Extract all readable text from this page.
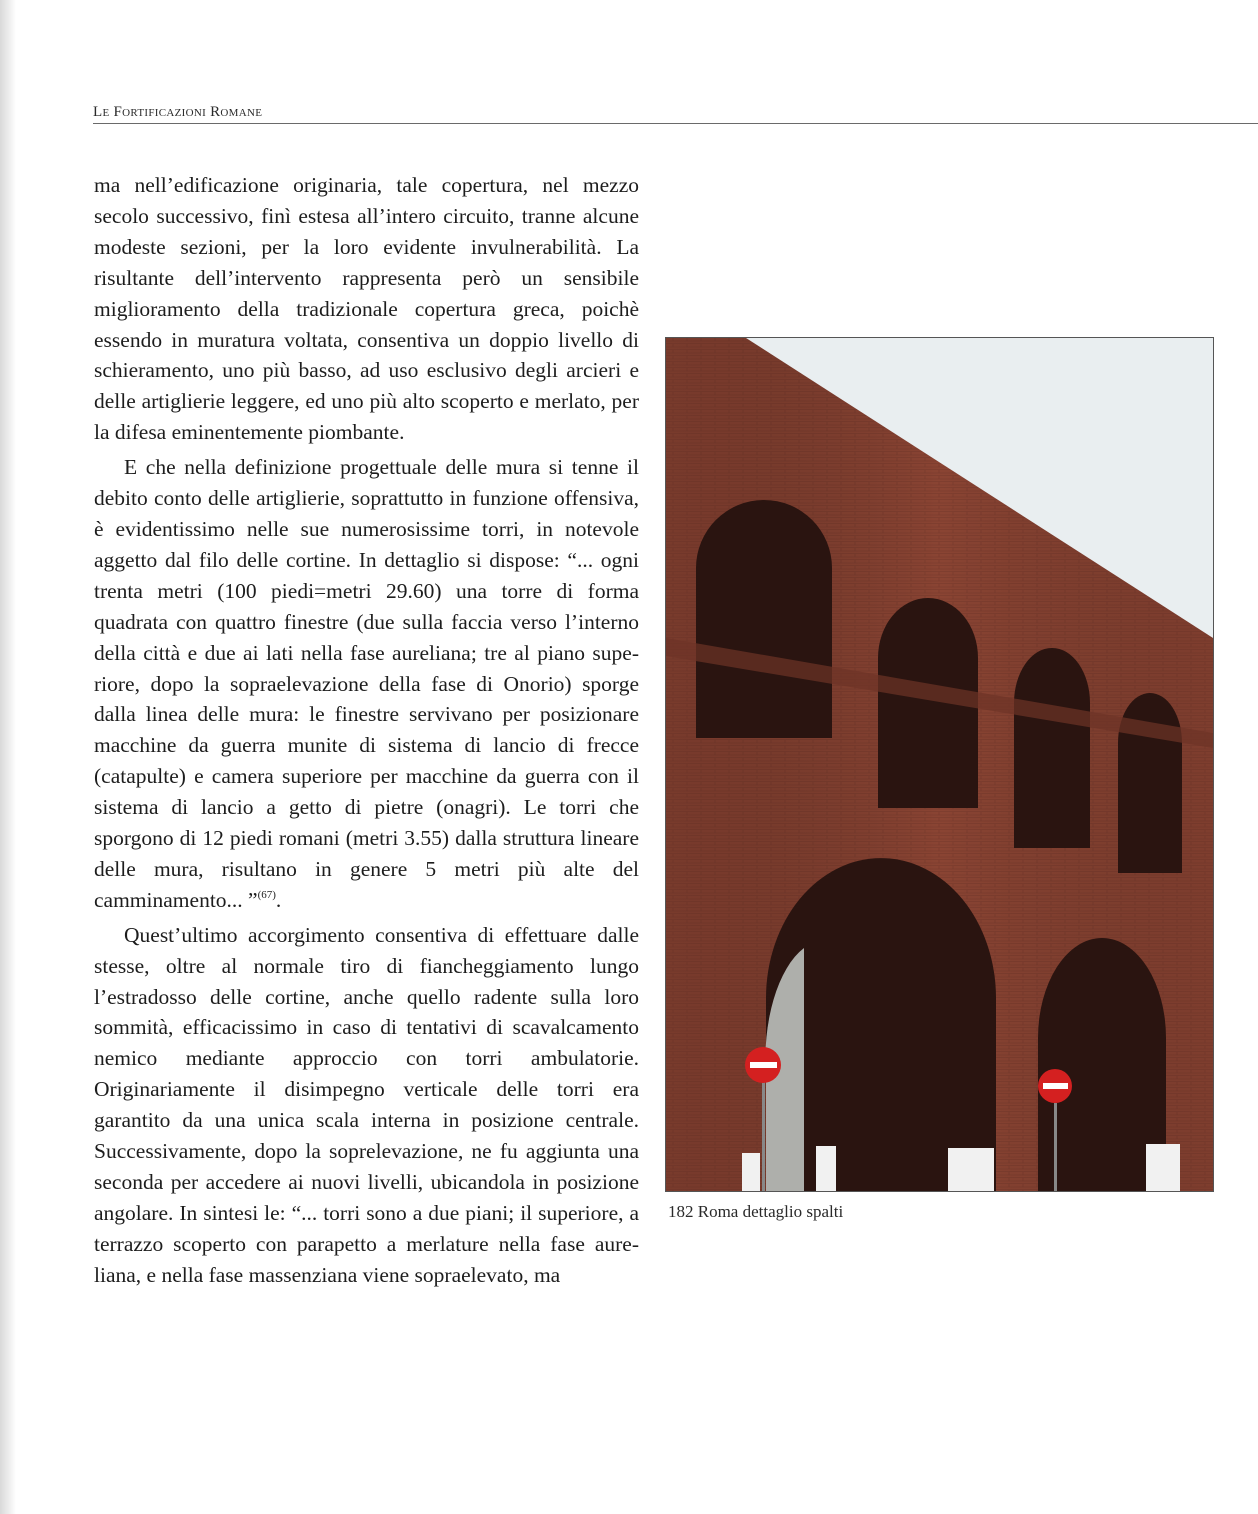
Le Fortificazioni Romane

ma nell’edificazione originaria, tale copertura, nel mezzo secolo successivo, finì estesa all’intero circuito, tranne alcune modeste sezioni, per la loro evidente invulnerabilità. La risultante dell’intervento rappresenta però un sensibile miglioramento della tradizionale copertura greca, poichè essendo in muratura voltata, consentiva un doppio livello di schieramento, uno più basso, ad uso esclusivo degli arcieri e delle artiglierie leggere, ed uno più alto scoperto e merlato, per la difesa eminentemente piombante.

E che nella definizione progettuale delle mura si tenne il debito conto delle artiglierie, soprattutto in funzione offensiva, è evidentissimo nelle sue numerosissime torri, in notevole aggetto dal filo delle cortine. In dettaglio si dispose: “... ogni trenta metri (100 piedi=metri 29.60) una torre di forma quadrata con quattro finestre (due sulla faccia verso l’interno della città e due ai lati nella fase aureliana; tre al piano superiore, dopo la sopraelevazione della fase di Onorio) sporge dalla linea delle mura: le finestre servivano per posizionare macchine da guerra munite di sistema di lancio di frecce (catapulte) e camera superiore per macchine da guerra con il sistema di lancio a getto di pietre (onagri). Le torri che sporgono di 12 piedi romani (metri 3.55) dalla struttura lineare delle mura, risultano in genere 5 metri più alte del camminamento... ”$^{(67)}$.

Quest’ultimo accorgimento consentiva di effettuare dalle stesse, oltre al normale tiro di fiancheggiamento lungo l’estradosso delle cortine, anche quello radente sulla loro sommità, efficacissimo in caso di tentativi di scavalcamento nemico mediante approccio con torri ambulatorie. Originariamente il disimpegno verticale delle torri era garantito da una unica scala interna in posizione centrale. Successivamente, dopo la soprelevazione, ne fu aggiunta una seconda per accedere ai nuovi livelli, ubicandola in posizione angolare. In sintesi le: “... torri sono a due piani; il superiore, a terrazzo scoperto con parapetto a merlature nella fase aureliana, e nella fase massenziana viene sopraelevato, ma

182 Roma dettaglio spalti
